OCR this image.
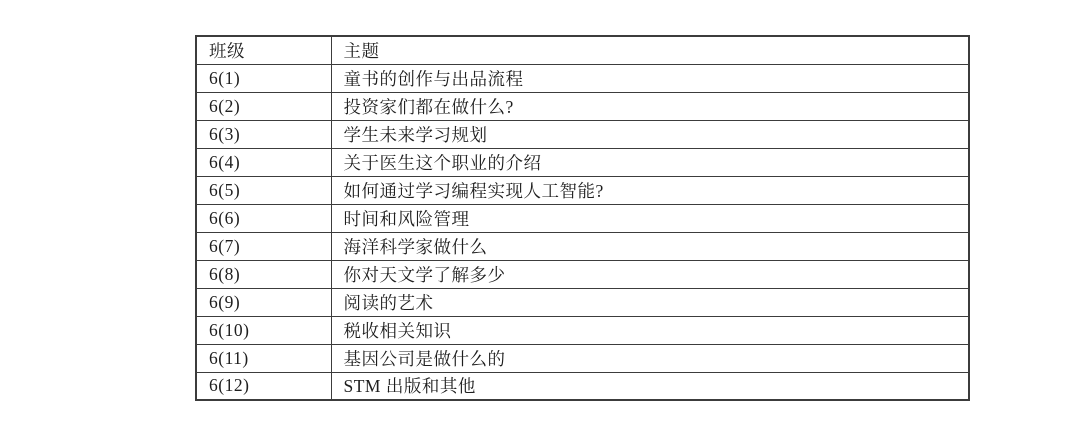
班级	主题
6(1)	童书的创作与出品流程
6(2)	投资家们都在做什么?
6(3)	学生未来学习规划
6(4)	关于医生这个职业的介绍
6(5)	如何通过学习编程实现人工智能?
6(6)	时间和风险管理
6(7)	海洋科学家做什么
6(8)	你对天文学了解多少
6(9)	阅读的艺术
6(10)	税收相关知识
6(11)	基因公司是做什么的
6(12)	STM 出版和其他
